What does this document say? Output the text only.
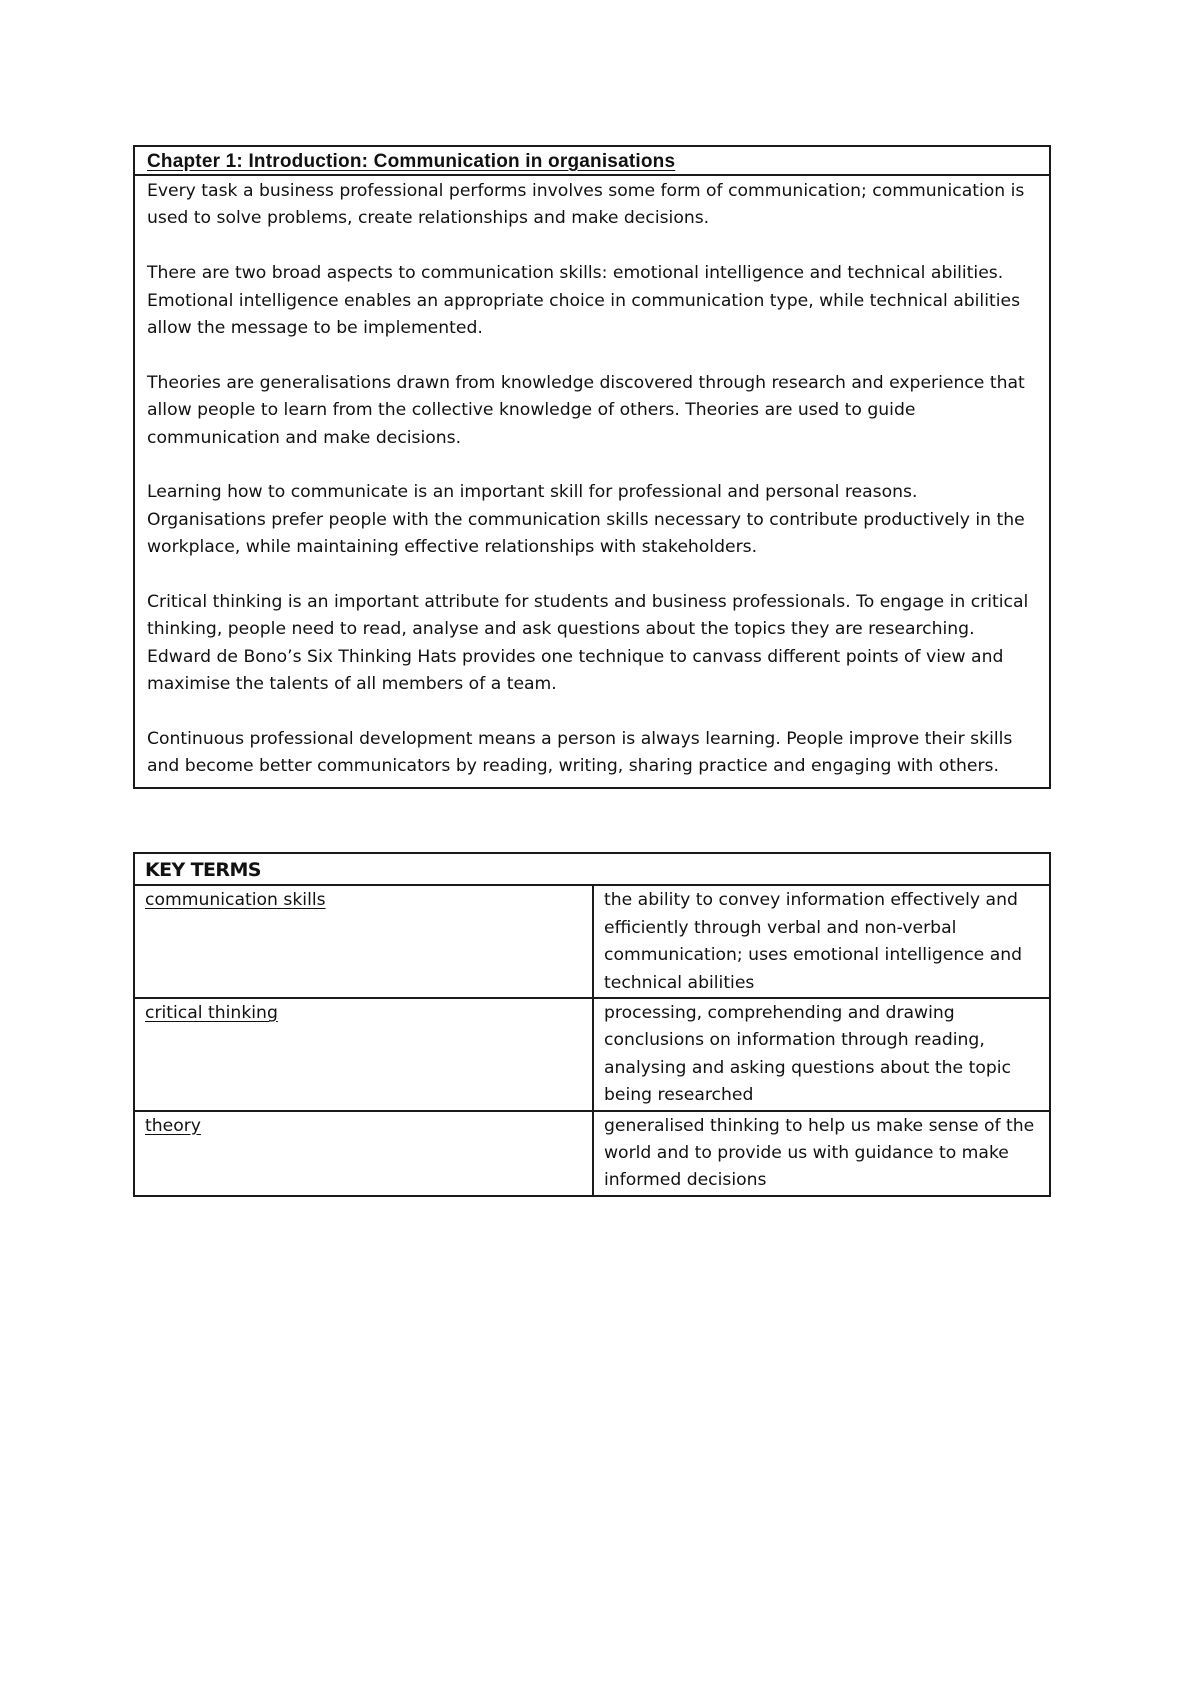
Chapter 1: Introduction: Communication in organisations

Every task a business professional performs involves some form of communication; communication is used to solve problems, create relationships and make decisions.

There are two broad aspects to communication skills: emotional intelligence and technical abilities. Emotional intelligence enables an appropriate choice in communication type, while technical abilities allow the message to be implemented.

Theories are generalisations drawn from knowledge discovered through research and experience that allow people to learn from the collective knowledge of others. Theories are used to guide communication and make decisions.

Learning how to communicate is an important skill for professional and personal reasons. Organisations prefer people with the communication skills necessary to contribute productively in the workplace, while maintaining effective relationships with stakeholders.

Critical thinking is an important attribute for students and business professionals. To engage in critical thinking, people need to read, analyse and ask questions about the topics they are researching. Edward de Bono’s Six Thinking Hats provides one technique to canvass different points of view and maximise the talents of all members of a team.

Continuous professional development means a person is always learning. People improve their skills and become better communicators by reading, writing, sharing practice and engaging with others.

KEY TERMS	
communication skills	the ability to convey information effectively and efficiently through verbal and non-verbal communication; uses emotional intelligence and technical abilities
critical thinking	processing, comprehending and drawing conclusions on information through reading, analysing and asking questions about the topic being researched
theory	generalised thinking to help us make sense of the world and to provide us with guidance to make informed decisions
